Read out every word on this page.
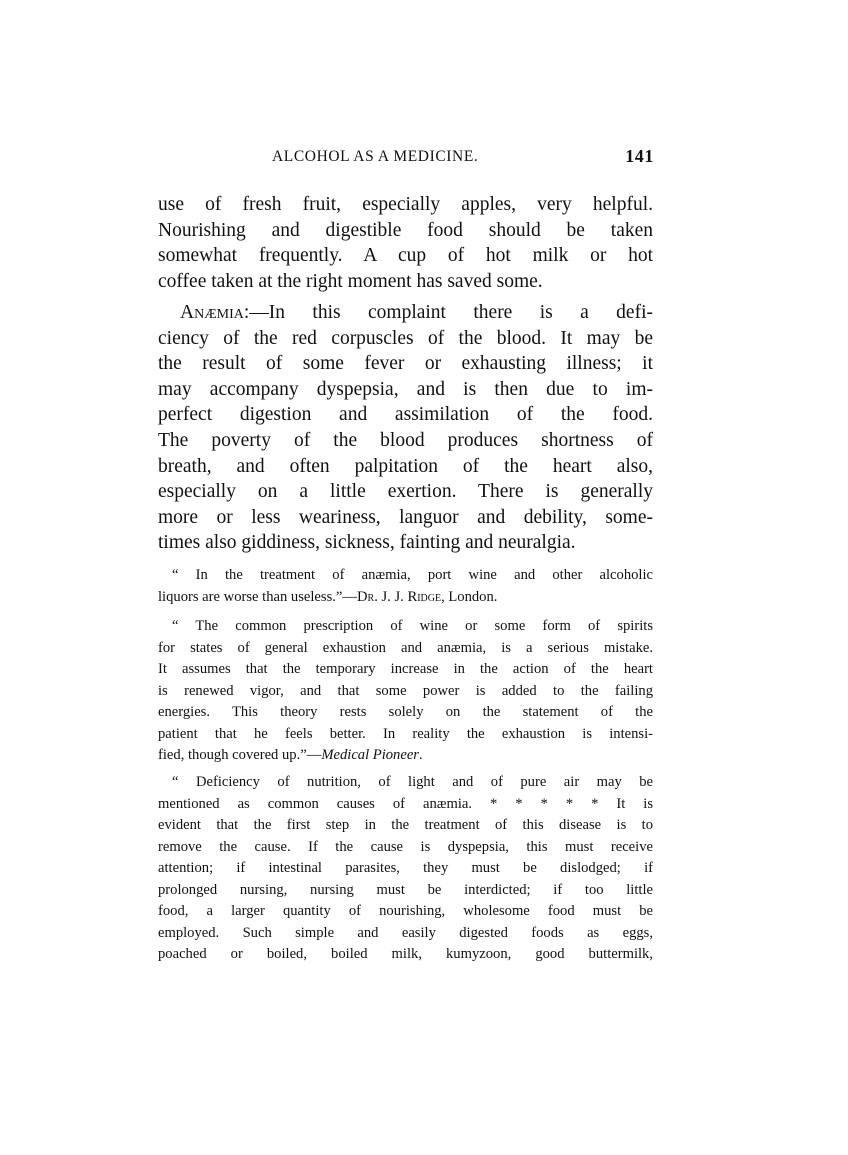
ALCOHOL AS A MEDICINE.	141
use of fresh fruit, especially apples, very helpful.
Nourishing and digestible food should be taken
somewhat frequently. A cup of hot milk or hot
coffee taken at the right moment has saved some.
Anæmia:—In this complaint there is a defi-
ciency of the red corpuscles of the blood. It may be
the result of some fever or exhausting illness; it
may accompany dyspepsia, and is then due to im-
perfect digestion and assimilation of the food.
The poverty of the blood produces shortness of
breath, and often palpitation of the heart also,
especially on a little exertion. There is generally
more or less weariness, languor and debility, some-
times also giddiness, sickness, fainting and neuralgia.
“ In the treatment of anæmia, port wine and other alcoholic
liquors are worse than useless.”—Dr. J. J. Ridge, London.
“ The common prescription of wine or some form of spirits
for states of general exhaustion and anæmia, is a serious mistake.
It assumes that the temporary increase in the action of the heart
is renewed vigor, and that some power is added to the failing
energies. This theory rests solely on the statement of the
patient that he feels better. In reality the exhaustion is intensi-
fied, though covered up.”—Medical Pioneer.
“ Deficiency of nutrition, of light and of pure air may be
mentioned as common causes of anæmia. * * * * * It is
evident that the first step in the treatment of this disease is to
remove the cause. If the cause is dyspepsia, this must receive
attention; if intestinal parasites, they must be dislodged; if
prolonged nursing, nursing must be interdicted; if too little
food, a larger quantity of nourishing, wholesome food must be
employed. Such simple and easily digested foods as eggs,
poached or boiled, boiled milk, kumyzoon, good buttermilk,
